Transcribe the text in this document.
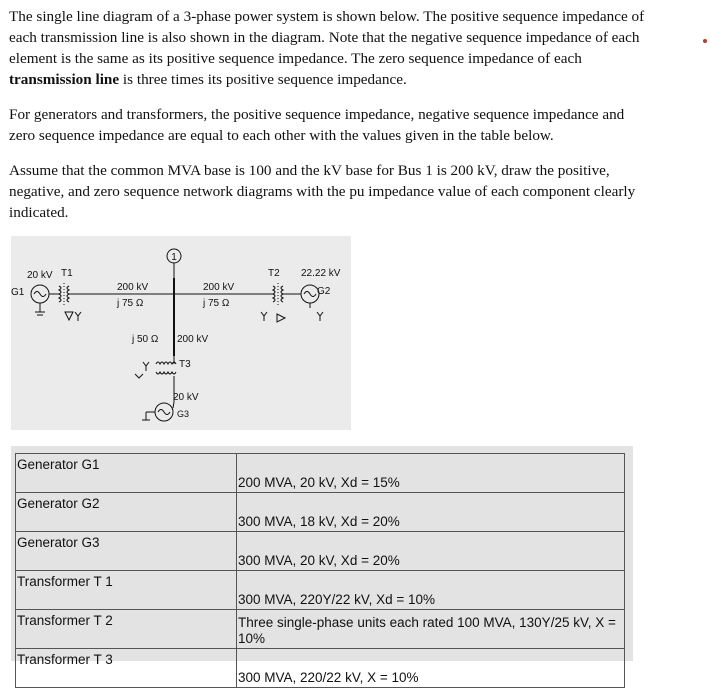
The single line diagram of a 3-phase power system is shown below. The positive sequence impedance of each transmission line is also shown in the diagram. Note that the negative sequence impedance of each element is the same as its positive sequence impedance. The zero sequence impedance of each transmission line is three times its positive sequence impedance.

For generators and transformers, the positive sequence impedance, negative sequence impedance and zero sequence impedance are equal to each other with the values given in the table below.

Assume that the common MVA base is 100 and the kV base for Bus 1 is 200 kV, draw the positive, negative, and zero sequence network diagrams with the pu impedance value of each component clearly indicated.

1
20 kV
G1
T1
200 kV
j 75 Ω
200 kV
j 75 Ω
T2 22.22 kV
G2
j 50 Ω 200 kV
T3
20 kV
G3
Generator G1	200 MVA, 20 kV, Xd = 15%
Generator G2	300 MVA, 18 kV, Xd = 20%
Generator G3	300 MVA, 20 kV, Xd = 20%
Transformer T 1	300 MVA, 220Y/22 kV, Xd = 10%
Transformer T 2	Three single-phase units each rated 100 MVA, 130Y/25 kV, X = 10%
Transformer T 3	300 MVA, 220/22 kV, X = 10%
